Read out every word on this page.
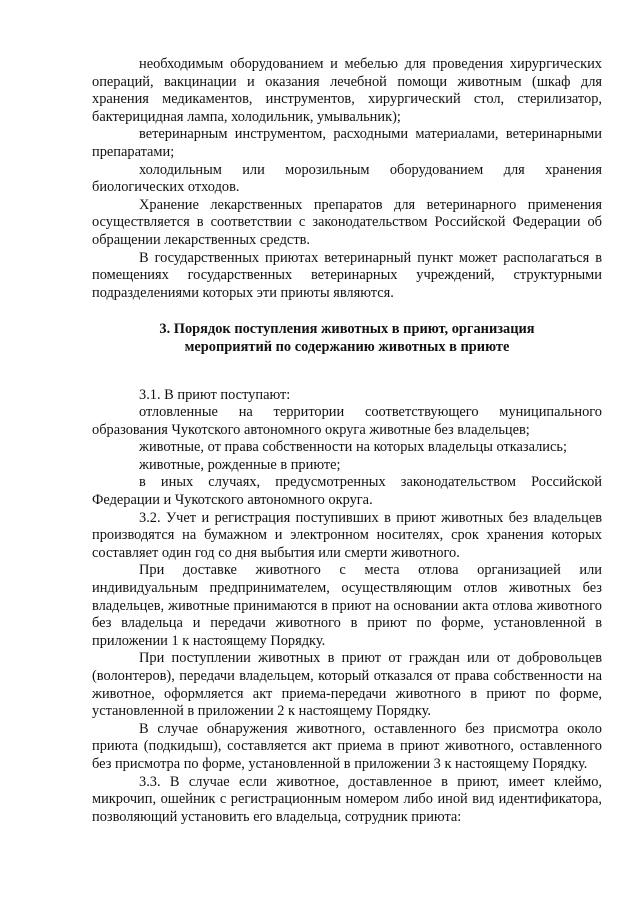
необходимым оборудованием и мебелью для проведения хирургических операций, вакцинации и оказания лечебной помощи животным (шкаф для хранения медикаментов, инструментов, хирургический стол, стерилизатор, бактерицидная лампа, холодильник, умывальник);

ветеринарным инструментом, расходными материалами, ветеринарными препаратами;

холодильным или морозильным оборудованием для хранения биологических отходов.

Хранение лекарственных препаратов для ветеринарного применения осуществляется в соответствии с законодательством Российской Федерации об обращении лекарственных средств.

В государственных приютах ветеринарный пункт может располагаться в помещениях государственных ветеринарных учреждений, структурными подразделениями которых эти приюты являются.

3. Порядок поступления животных в приют, организация
мероприятий по содержанию животных в приюте

3.1. В приют поступают:

отловленные на территории соответствующего муниципального образования Чукотского автономного округа животные без владельцев;

животные, от права собственности на которых владельцы отказались;

животные, рожденные в приюте;

в иных случаях, предусмотренных законодательством Российской Федерации и Чукотского автономного округа.

3.2. Учет и регистрация поступивших в приют животных без владельцев производятся на бумажном и электронном носителях, срок хранения которых составляет один год со дня выбытия или смерти животного.

При доставке животного с места отлова организацией или индивидуальным предпринимателем, осуществляющим отлов животных без владельцев, животные принимаются в приют на основании акта отлова животного без владельца и передачи животного в приют по форме, установленной в приложении 1 к настоящему Порядку.

При поступлении животных в приют от граждан или от добровольцев (волонтеров), передачи владельцем, который отказался от права собственности на животное, оформляется акт приема-передачи животного в приют по форме, установленной в приложении 2 к настоящему Порядку.

В случае обнаружения животного, оставленного без присмотра около приюта (подкидыш), составляется акт приема в приют животного, оставленного без присмотра по форме, установленной в приложении 3 к настоящему Порядку.

3.3. В случае если животное, доставленное в приют, имеет клеймо, микрочип, ошейник с регистрационным номером либо иной вид идентификатора, позволяющий установить его владельца, сотрудник приюта:
